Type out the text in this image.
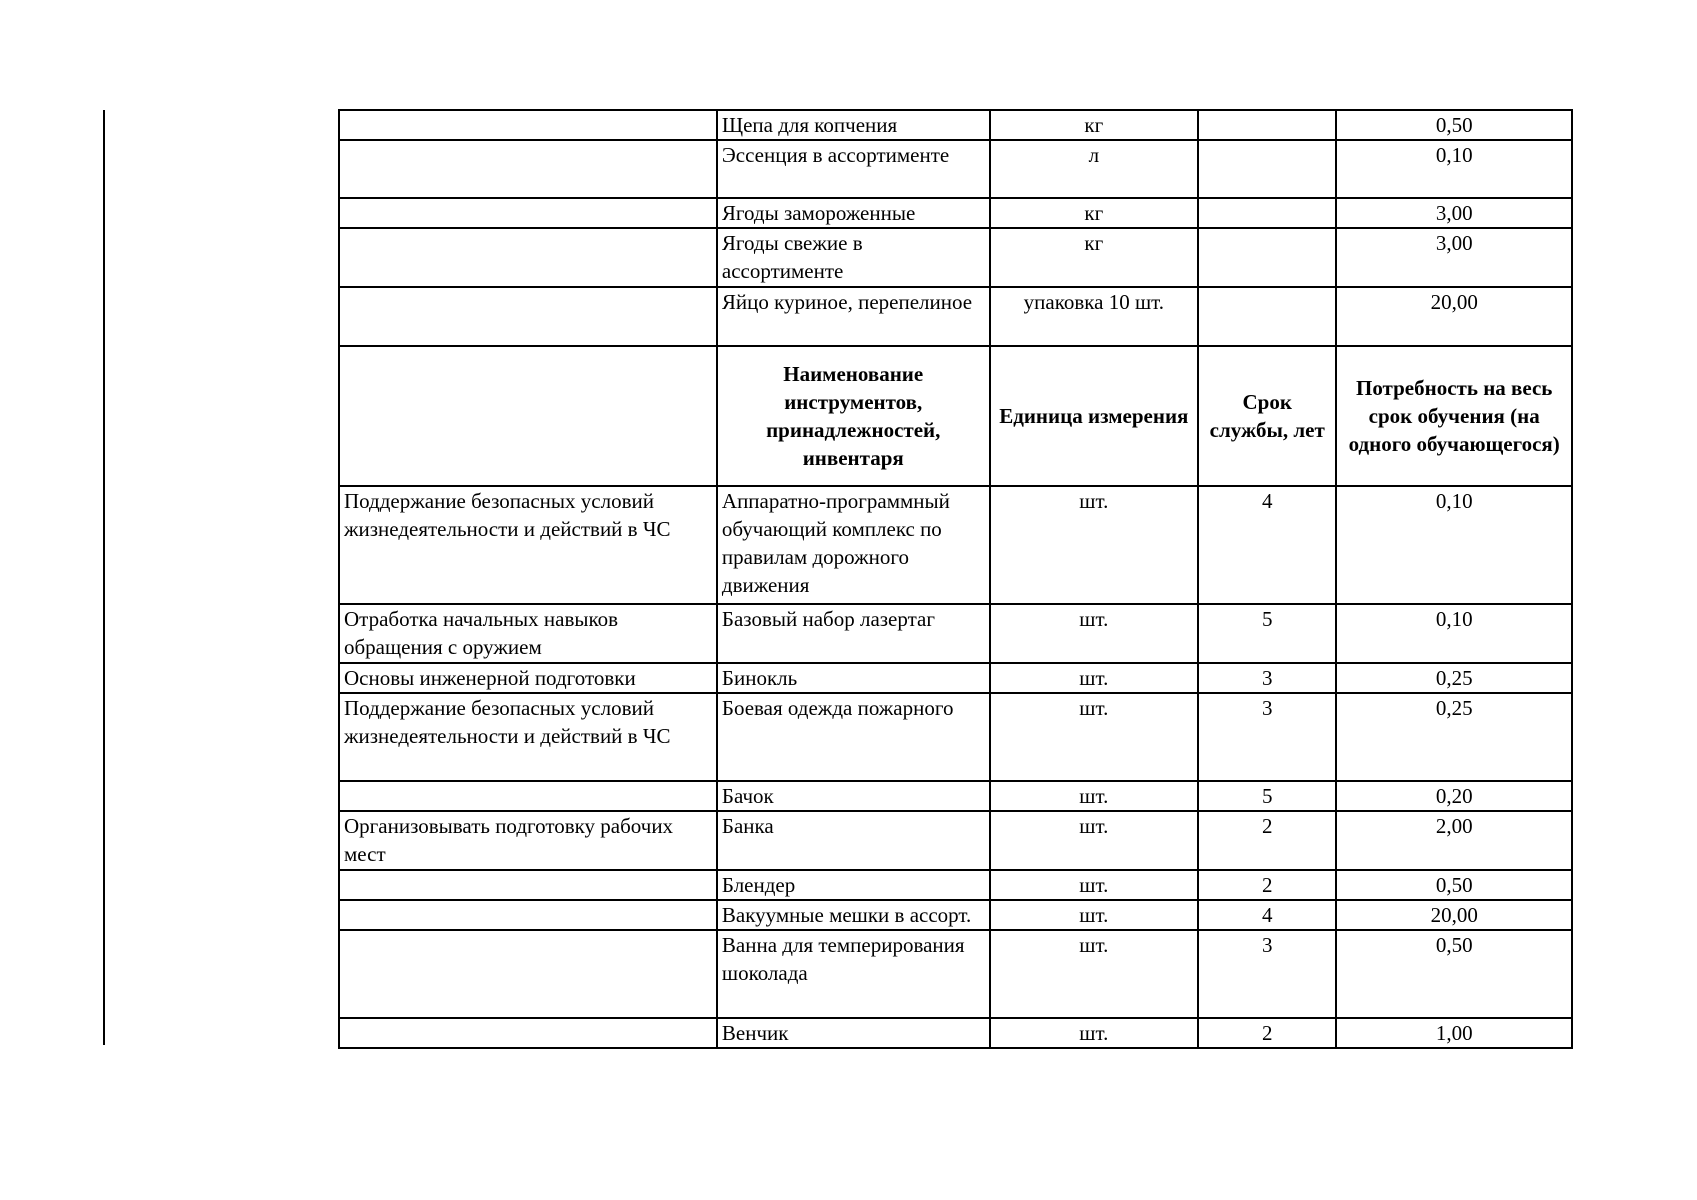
	Щепа для копчения	кг		0,50
	Эссенция в ассортименте	л		0,10
	Ягоды замороженные	кг		3,00
	Ягоды свежие в ассортименте	кг		3,00
	Яйцо куриное, перепелиное	упаковка 10 шт.		20,00
	Наименование инструментов, принадлежностей, инвентаря	Единица измерения	Срок службы, лет	Потребность на весь срок обучения (на одного обучающегося)
Поддержание безопасных условий жизнедеятельности и действий в ЧС	Аппаратно-программный обучающий комплекс по правилам дорожного движения	шт.	4	0,10
Отработка начальных навыков обращения с оружием	Базовый набор лазертаг	шт.	5	0,10
Основы инженерной подготовки	Бинокль	шт.	3	0,25
Поддержание безопасных условий жизнедеятельности и действий в ЧС	Боевая одежда пожарного	шт.	3	0,25
	Бачок	шт.	5	0,20
Организовывать подготовку рабочих мест	Банка	шт.	2	2,00
	Блендер	шт.	2	0,50
	Вакуумные мешки в ассорт.	шт.	4	20,00
	Ванна для темперирования шоколада	шт.	3	0,50
	Венчик	шт.	2	1,00
